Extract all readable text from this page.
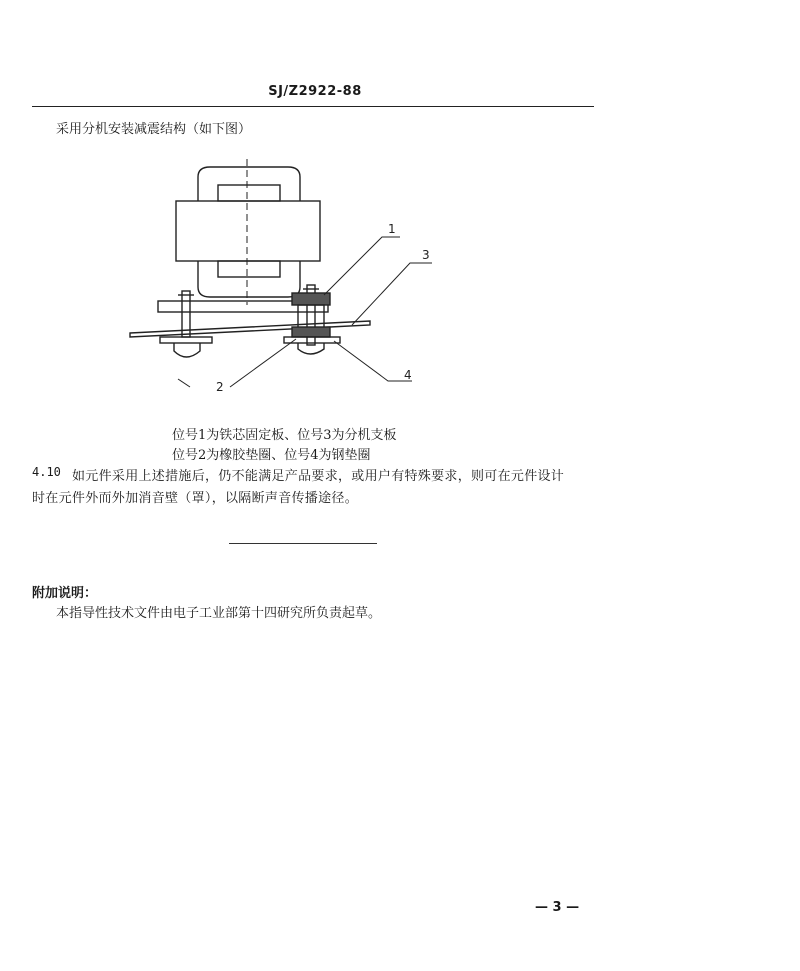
SJ/Z2922-88
采用分机安装减震结构（如下图）
1
2
3
4
位号1为铁芯固定板、位号3为分机支板
位号2为橡胶垫圈、位号4为钢垫圈
4.10 如元件采用上述措施后，仍不能满足产品要求，或用户有特殊要求，则可在元件设计
时在元件外而外加消音壁（罩），以隔断声音传播途径。
附加说明：
本指导性技术文件由电子工业部第十四研究所负责起草。
— 3 —
